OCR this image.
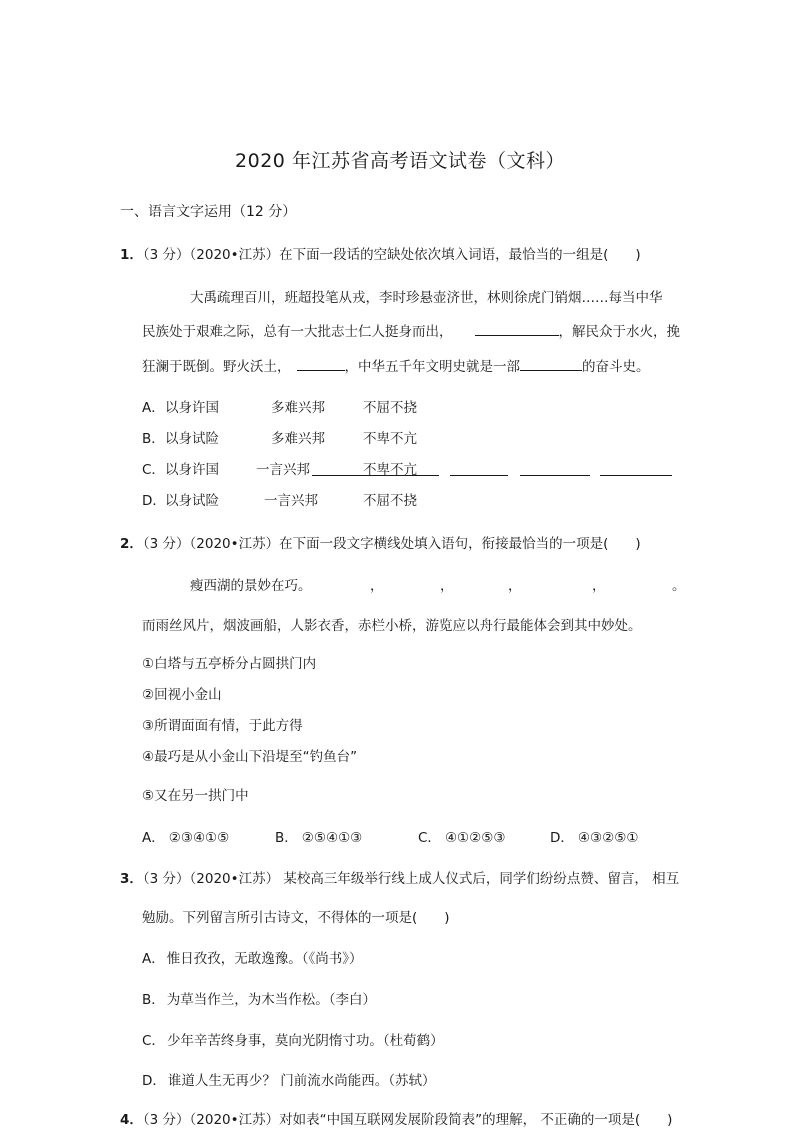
2020 年江苏省高考语文试卷（文科）
一、语言文字运用（12 分）
1．（3 分）（2020•江苏）在下面一段话的空缺处依次填入词语，最恰当的一组是(　　)
大禹疏理百川，班超投笔从戎，李时珍悬壶济世，林则徐虎门销烟……每当中华
民族处于艰难之际，总有一大批志士仁人挺身而出，	，解民众于水火，挽
狂澜于既倒。野火沃土，	，中华五千年文明史就是一部	的奋斗史。
A． 以身许国	多难兴邦	不屈不挠
B． 以身试险	多难兴邦	不卑不亢
C． 以身许国	一言兴邦	不卑不亢
D． 以身试险	一言兴邦	不屈不挠
2．（3 分）（2020•江苏）在下面一段文字横线处填入语句，衔接最恰当的一项是(　　)
瘦西湖的景妙在巧。	，	，	，	，	。
而雨丝风片，烟波画船，人影衣香，赤栏小桥，游览应以舟行最能体会到其中妙处。
①白塔与五亭桥分占圆拱门内
②回视小金山
③所谓面面有情，于此方得
④最巧是从小金山下沿堤至“钓鱼台”
⑤又在另一拱门中
A． ②③④①⑤	B． ②⑤④①③	C． ④①②⑤③	D． ④③②⑤①
3．（3 分）（2020•江苏） 某校高三年级举行线上成人仪式后，同学们纷纷点赞、留言， 相互
勉励。下列留言所引古诗文，不得体的一项是(　　)
A． 惟日孜孜，无敢逸豫。（《尚书》）
B． 为草当作兰，为木当作松。（李白）
C． 少年辛苦终身事，莫向光阴惰寸功。（杜荀鹤）
D． 谁道人生无再少？ 门前流水尚能西。（苏轼）
4．（3 分）（2020•江苏）对如表“中国互联网发展阶段简表”的理解， 不正确的一项是(　　)
